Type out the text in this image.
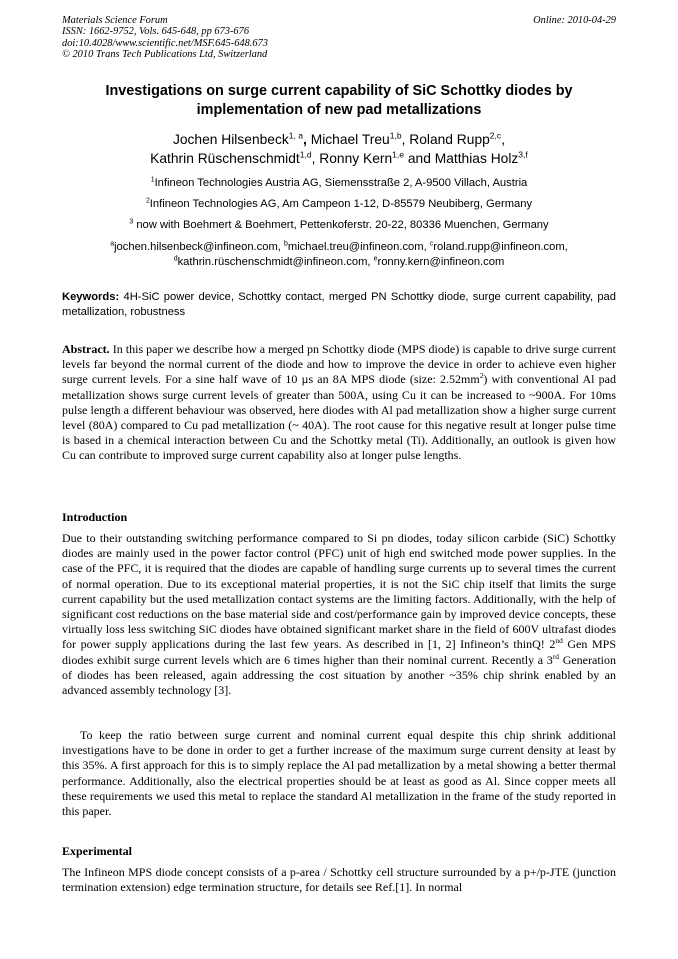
Materials Science Forum
ISSN: 1662-9752, Vols. 645-648, pp 673-676
doi:10.4028/www.scientific.net/MSF.645-648.673
© 2010 Trans Tech Publications Ltd, Switzerland
Online: 2010-04-29
Investigations on surge current capability of SiC Schottky diodes by
implementation of new pad metallizations
Jochen Hilsenbeck$^{1, a}$, Michael Treu$^{1,b}$, Roland Rupp$^{2,c}$,
Kathrin Rüschenschmidt$^{1,d}$, Ronny Kern$^{1,e}$ and Matthias Holz$^{3,f}$
$^1$Infineon Technologies Austria AG, Siemensstraße 2, A-9500 Villach, Austria
$^2$Infineon Technologies AG, Am Campeon 1-12, D-85579 Neubiberg, Germany
$^3$ now with Boehmert & Boehmert, Pettenkoferstr. 20-22, 80336 Muenchen, Germany
$^a$jochen.hilsenbeck@infineon.com, $^b$michael.treu@infineon.com, $^c$roland.rupp@infineon.com,
$^d$kathrin.rüschenschmidt@infineon.com, $^e$ronny.kern@infineon.com
Keywords: 4H-SiC power device, Schottky contact, merged PN Schottky diode, surge current capability, pad metallization, robustness
Abstract. In this paper we describe how a merged pn Schottky diode (MPS diode) is capable to drive surge current levels far beyond the normal current of the diode and how to improve the device in order to achieve even higher surge current levels. For a sine half wave of 10 µs an 8A MPS diode (size: $2.52mm^2$) with conventional Al pad metallization shows surge current levels of greater than 500A, using Cu it can be increased to ~900A. For 10ms pulse length a different behaviour was observed, here diodes with Al pad metallization show a higher surge current level (80A) compared to Cu pad metallization (~ 40A). The root cause for this negative result at longer pulse time is based in a chemical interaction between Cu and the Schottky metal (Ti). Additionally, an outlook is given how Cu can contribute to improved surge current capability also at longer pulse lengths.
Introduction
Due to their outstanding switching performance compared to Si pn diodes, today silicon carbide (SiC) Schottky diodes are mainly used in the power factor control (PFC) unit of high end switched mode power supplies. In the case of the PFC, it is required that the diodes are capable of handling surge currents up to several times the current of normal operation. Due to its exceptional material properties, it is not the SiC chip itself that limits the surge current capability but the used metallization contact systems are the limiting factors. Additionally, with the help of significant cost reductions on the base material side and cost/performance gain by improved device concepts, these virtually loss less switching SiC diodes have obtained significant market share in the field of 600V ultrafast diodes for power supply applications during the last few years. As described in [1, 2] Infineon’s thinQ! 2nd Gen MPS diodes exhibit surge current levels which are 6 times higher than their nominal current. Recently a 3rd Generation of diodes has been released, again addressing the cost situation by another ~35% chip shrink enabled by an advanced assembly technology [3].
To keep the ratio between surge current and nominal current equal despite this chip shrink additional investigations have to be done in order to get a further increase of the maximum surge current density at least by this 35%. A first approach for this is to simply replace the Al pad metallization by a metal showing a better thermal performance. Additionally, also the electrical properties should be at least as good as Al. Since copper meets all these requirements we used this metal to replace the standard Al metallization in the frame of the study reported in this paper.
Experimental
The Infineon MPS diode concept consists of a p-area / Schottky cell structure surrounded by a p+/p-JTE (junction termination extension) edge termination structure, for details see Ref.[1]. In normal
